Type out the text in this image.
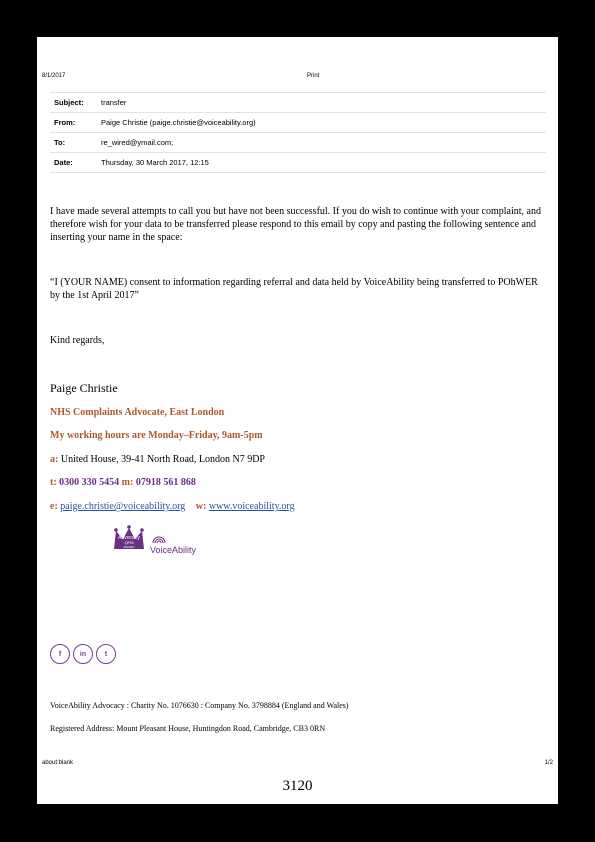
8/1/2017	Print
Subject:	transfer
From:	Paige Christie (paige.christie@voiceability.org)
To:	re_wired@ymail.com;
Date:	Thursday, 30 March 2017, 12:15
I have made several attempts to call you but have not been successful. If you do wish to continue with your complaint, and therefore wish for your data to be transferred please respond to this email by copy and pasting the following sentence and inserting your name in the space:
“I (YOUR NAME) consent to information regarding referral and data held by VoiceAbility being transferred to POhWER by the 1st April 2017”
Kind regards,
Paige Christie
NHS Complaints Advocate, East London
My working hours are Monday–Friday, 9am-5pm
a: United House, 39-41 North Road, London N7 9DP
t: 0300 330 5454 m: 07918 561 868
e: paige.christie@voiceability.org w: www.voiceability.org
Advocacy
QPM
AWARD VoiceAbility
f	in	t
VoiceAbility Advocacy : Charity No. 1076630 : Company No. 3798884 (England and Wales)
Registered Address: Mount Pleasant House, Huntingdon Road, Cambridge, CB3 0RN
about:blank	1/2
3120
